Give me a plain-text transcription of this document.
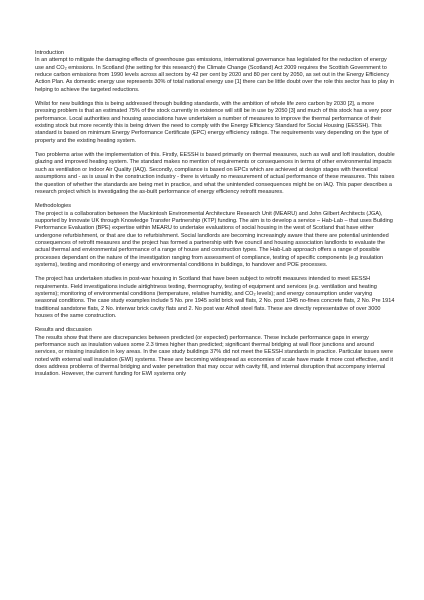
Introduction

In an attempt to mitigate the damaging effects of greenhouse gas emissions, international governance has legislated for the reduction of energy use and CO₂ emissions. In Scotland (the setting for this research) the Climate Change (Scotland) Act 2009 requires the Scottish Government to reduce carbon emissions from 1990 levels across all sectors by 42 per cent by 2020 and 80 per cent by 2050, as set out in the Energy Efficiency Action Plan. As domestic energy use represents 30% of total national energy use [1] there can be little doubt over the role this sector has to play in helping to achieve the targeted reductions.

Whilst for new buildings this is being addressed through building standards, with the ambition of whole life zero carbon by 2030 [2], a more pressing problem is that an estimated 75% of the stock currently in existence will still be in use by 2050 [3] and much of this stock has a very poor performance. Local authorities and housing associations have undertaken a number of measures to improve the thermal performance of their existing stock but more recently this is being driven the need to comply with the Energy Efficiency Standard for Social Housing (EESSH). This standard is based on minimum Energy Performance Certificate (EPC) energy efficiency ratings. The requirements vary depending on the type of property and the existing heating system.

Two problems arise with the implementation of this. Firstly, EESSH is based primarily on thermal measures, such as wall and loft insulation, double glazing and improved heating system. The standard makes no mention of requirements or consequences in terms of other environmental impacts such as ventilation or Indoor Air Quality (IAQ). Secondly, compliance is based on EPCs which are achieved at design stages with theoretical assumptions and - as is usual in the construction industry - there is virtually no measurement of actual performance of these measures. This raises the question of whether the standards are being met in practice, and what the unintended consequences might be on IAQ. This paper describes a research project which is investigating the as-built performance of energy efficiency retrofit measures.

Methodologies

The project is a collaboration between the Mackintosh Environmental Architecture Research Unit (MEARU) and John Gilbert Architects (JGA), supported by Innovate UK through Knowledge Transfer Partnership (KTP) funding. The aim is to develop a service – Hab-Lab – that uses Building Performance Evaluation (BPE) expertise within MEARU to undertake evaluations of social housing in the west of Scotland that have either undergone refurbishment, or that are due to refurbishment. Social landlords are becoming increasingly aware that there are potential unintended consequences of retrofit measures and the project has formed a partnership with five council and housing association landlords to evaluate the actual thermal and environmental performance of a range of house and construction types. The Hab-Lab approach offers a range of possible processes dependant on the nature of the investigation ranging from assessment of compliance, testing of specific components (e.g insulation systems), testing and monitoring of energy and environmental conditions in buildings, to handover and POE processes.

The project has undertaken studies in post-war housing in Scotland that have been subject to retrofit measures intended to meet EESSH requirements. Field investigations include airtightness testing, thermography, testing of equipment and services (e.g. ventilation and heating systems); monitoring of environmental conditions (temperature, relative humidity, and CO₂ levels); and energy consumption under varying seasonal conditions. The case study examples include 5 No. pre 1945 solid brick wall flats, 2 No. post 1945 no-fines concrete flats, 2 No. Pre 1914 traditional sandstone flats, 2 No. interwar brick cavity flats and 2. No post war Atholl steel flats. These are directly representative of over 3000 houses of the same construction.

Results and discussion

The results show that there are discrepancies between predicted (or expected) performance. These include performance gaps in energy performance such as insulation values some 2.3 times higher than predicted; significant thermal bridging at wall floor junctions and around services, or missing insulation in key areas. In the case study buildings 37% did not meet the EESSH standards in practice. Particular issues were noted with external wall insulation (EWI) systems. These are becoming widespread as economies of scale have made it more cost effective, and it does address problems of thermal bridging and water penetration that may occur with cavity fill, and internal disruption that accompany internal insulation. However, the current funding for EWI systems only
